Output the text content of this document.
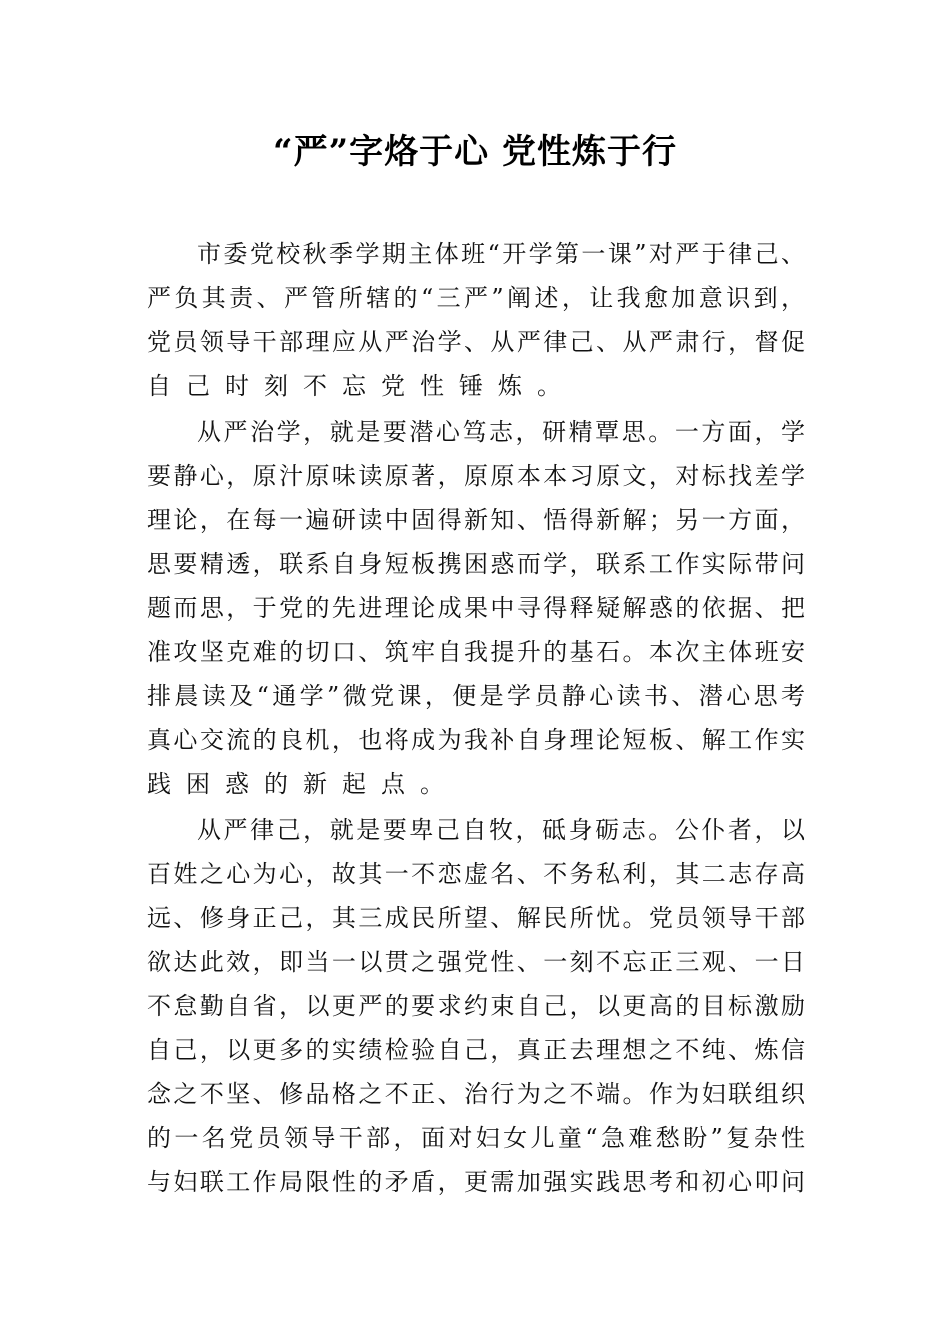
“严”字烙于心 党性炼于行
市委党校秋季学期主体班“开学第一课”对严于律己、
严负其责、严管所辖的“三严”阐述，让我愈加意识到，
党员领导干部理应从严治学、从严律己、从严肃行，督促
自己时刻不忘党性锤炼。
从严治学，就是要潜心笃志，研精覃思。一方面，学
要静心，原汁原味读原著，原原本本习原文，对标找差学
理论，在每一遍研读中固得新知、悟得新解；另一方面，
思要精透，联系自身短板携困惑而学，联系工作实际带问
题而思，于党的先进理论成果中寻得释疑解惑的依据、把
准攻坚克难的切口、筑牢自我提升的基石。本次主体班安
排晨读及“通学”微党课，便是学员静心读书、潜心思考
真心交流的良机，也将成为我补自身理论短板、解工作实
践困惑的新起点。
从严律己，就是要卑己自牧，砥身砺志。公仆者，以
百姓之心为心，故其一不恋虚名、不务私利，其二志存高
远、修身正己，其三成民所望、解民所忧。党员领导干部
欲达此效，即当一以贯之强党性、一刻不忘正三观、一日
不怠勤自省，以更严的要求约束自己，以更高的目标激励
自己，以更多的实绩检验自己，真正去理想之不纯、炼信
念之不坚、修品格之不正、治行为之不端。作为妇联组织
的一名党员领导干部，面对妇女儿童“急难愁盼”复杂性
与妇联工作局限性的矛盾，更需加强实践思考和初心叩问
